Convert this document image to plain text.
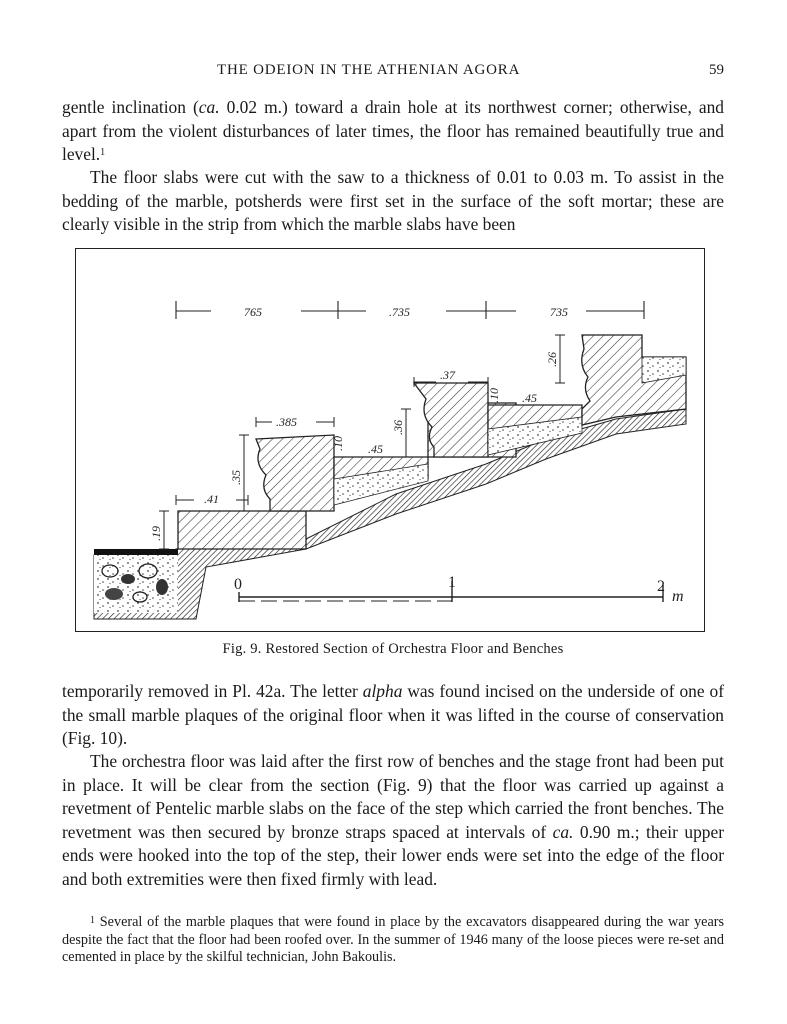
THE ODEION IN THE ATHENIAN AGORA	59

gentle inclination (ca. 0.02 m.) toward a drain hole at its northwest corner; otherwise, and apart from the violent disturbances of later times, the floor has remained beautifully true and level.$^1$

The floor slabs were cut with the saw to a thickness of 0.01 to 0.03 m. To assist in the bedding of the marble, potsherds were first set in the surface of the soft mortar; these are clearly visible in the strip from which the marble slabs have been

765	.735	735
.41
.385
.37
.45
.45
.19
.35
.36
.26
.10
.10
0	1	2
m
Fig. 9. Restored Section of Orchestra Floor and Benches

temporarily removed in Pl. 42a. The letter alpha was found incised on the underside of one of the small marble plaques of the original floor when it was lifted in the course of conservation (Fig. 10).

The orchestra floor was laid after the first row of benches and the stage front had been put in place. It will be clear from the section (Fig. 9) that the floor was carried up against a revetment of Pentelic marble slabs on the face of the step which carried the front benches. The revetment was then secured by bronze straps spaced at intervals of ca. 0.90 m.; their upper ends were hooked into the top of the step, their lower ends were set into the edge of the floor and both extremities were then fixed firmly with lead.

$^1$ Several of the marble plaques that were found in place by the excavators disappeared during the war years despite the fact that the floor had been roofed over. In the summer of 1946 many of the loose pieces were re-set and cemented in place by the skilful technician, John Bakoulis.
